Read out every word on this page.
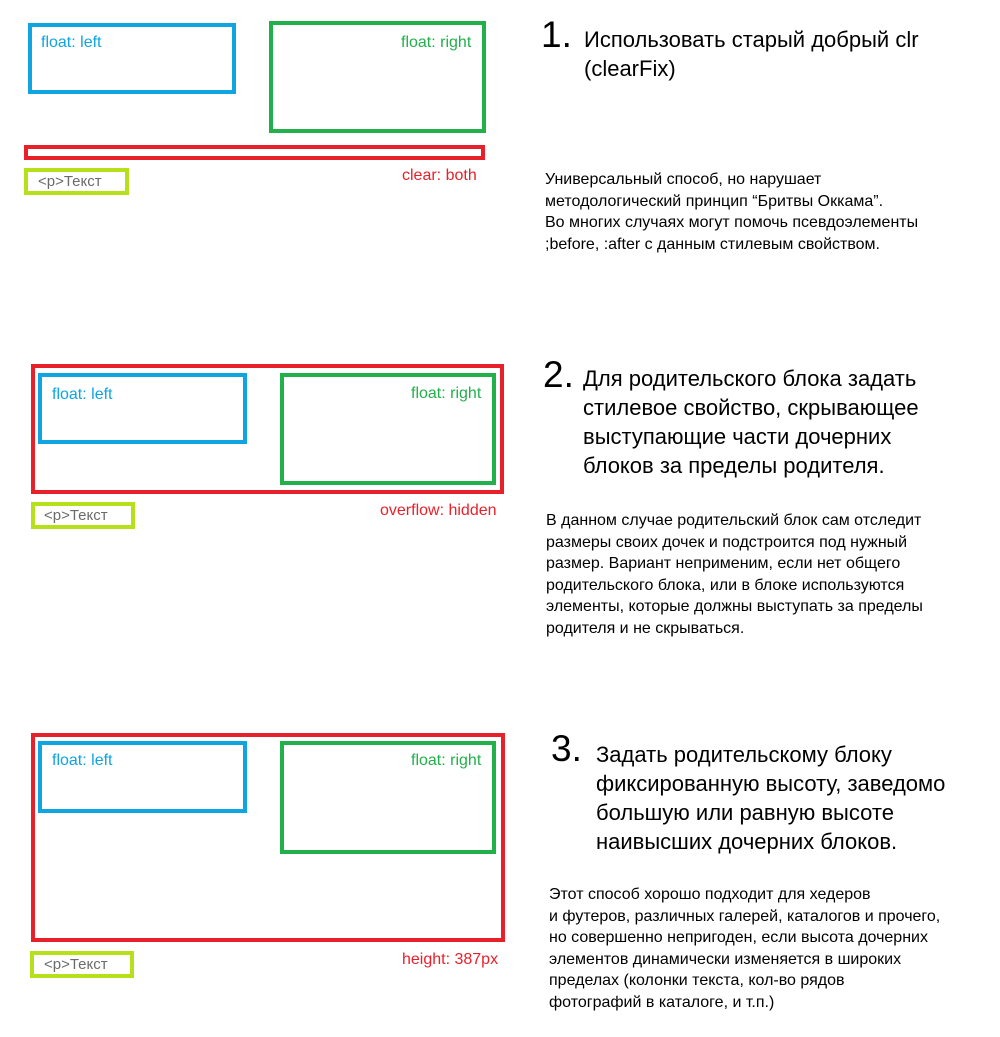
float: left	float: right
clear: both
<p>Текст
1. Использовать старый добрый clr
(clearFix)
Универсальный способ, но нарушает
методологический принцип “Бритвы Оккама”.
Во многих случаях могут помочь псевдоэлементы
;before, :after с данным стилевым свойством.
float: left	float: right
overflow: hidden
<p>Текст
2. Для родительского блока задать
стилевое свойство, скрывающее
выступающие части дочерних
блоков за пределы родителя.
В данном случае родительский блок сам отследит
размеры своих дочек и подстроится под нужный
размер. Вариант неприменим, если нет общего
родительского блока, или в блоке используются
элементы, которые должны выступать за пределы
родителя и не скрываться.
float: left	float: right
height: 387px
<p>Текст
3. Задать родительскому блоку
фиксированную высоту, заведомо
большую или равную высоте
наивысших дочерних блоков.
Этот способ хорошо подходит для хедеров
и футеров, различных галерей, каталогов и прочего,
но совершенно непригоден, если высота дочерних
элементов динамически изменяется в широких
пределах (колонки текста, кол-во рядов
фотографий в каталоге, и т.п.)
